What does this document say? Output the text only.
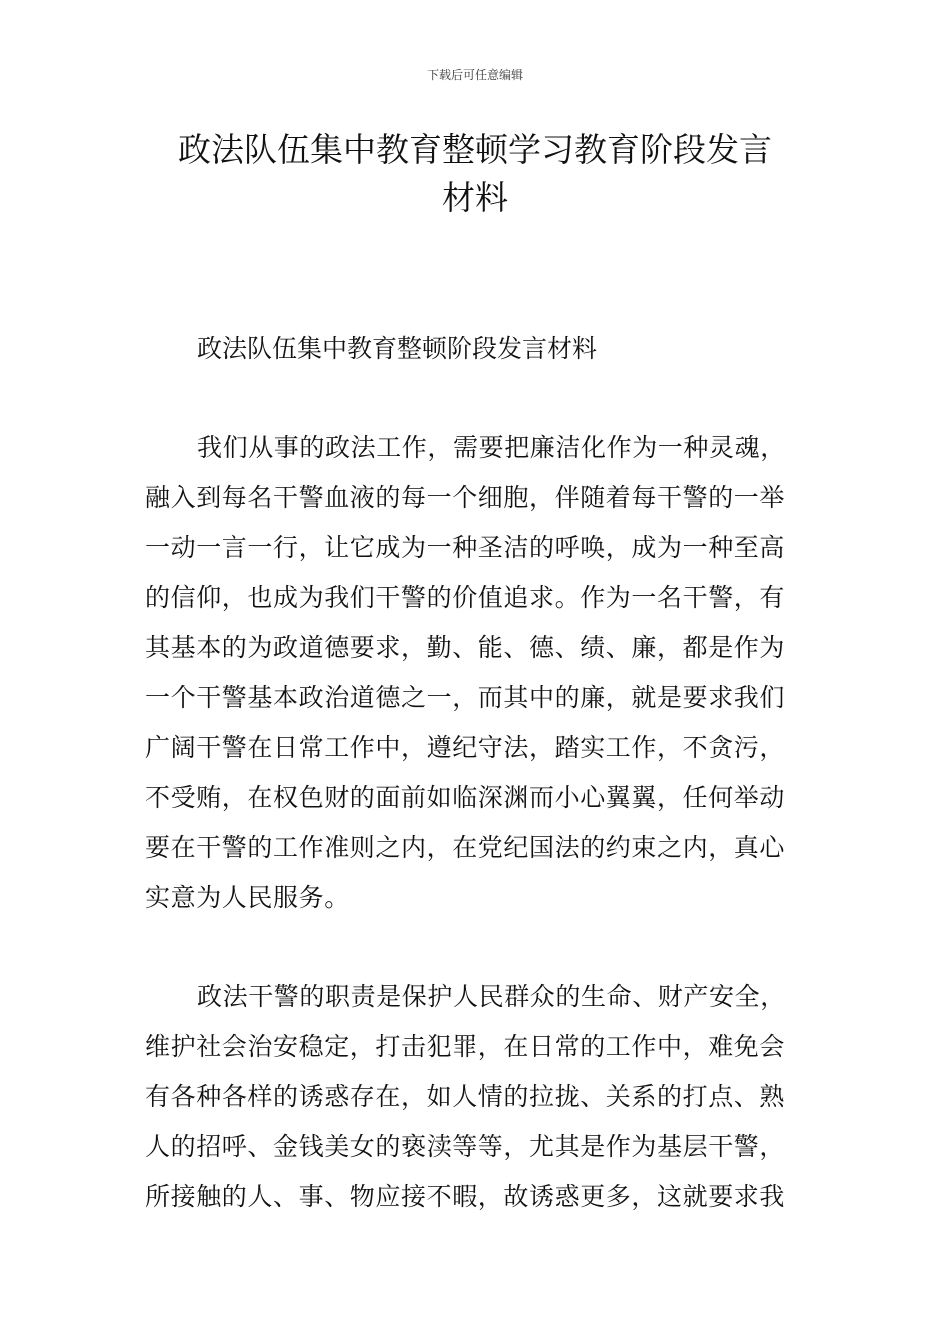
下载后可任意编辑
政法队伍集中教育整顿学习教育阶段发言
材料

政法队伍集中教育整顿阶段发言材料

我们从事的政法工作，需要把廉洁化作为一种灵魂，
融入到每名干警血液的每一个细胞，伴随着每干警的一举
一动一言一行，让它成为一种圣洁的呼唤，成为一种至高
的信仰，也成为我们干警的价值追求。作为一名干警，有
其基本的为政道德要求，勤、能、德、绩、廉，都是作为
一个干警基本政治道德之一，而其中的廉，就是要求我们
广阔干警在日常工作中，遵纪守法，踏实工作，不贪污，
不受贿，在权色财的面前如临深渊而小心翼翼，任何举动
要在干警的工作准则之内，在党纪国法的约束之内，真心
实意为人民服务。
政法干警的职责是保护人民群众的生命、财产安全，
维护社会治安稳定，打击犯罪，在日常的工作中，难免会
有各种各样的诱惑存在，如人情的拉拢、关系的打点、熟
人的招呼、金钱美女的亵渎等等，尤其是作为基层干警，
所接触的人、事、物应接不暇，故诱惑更多，这就要求我
